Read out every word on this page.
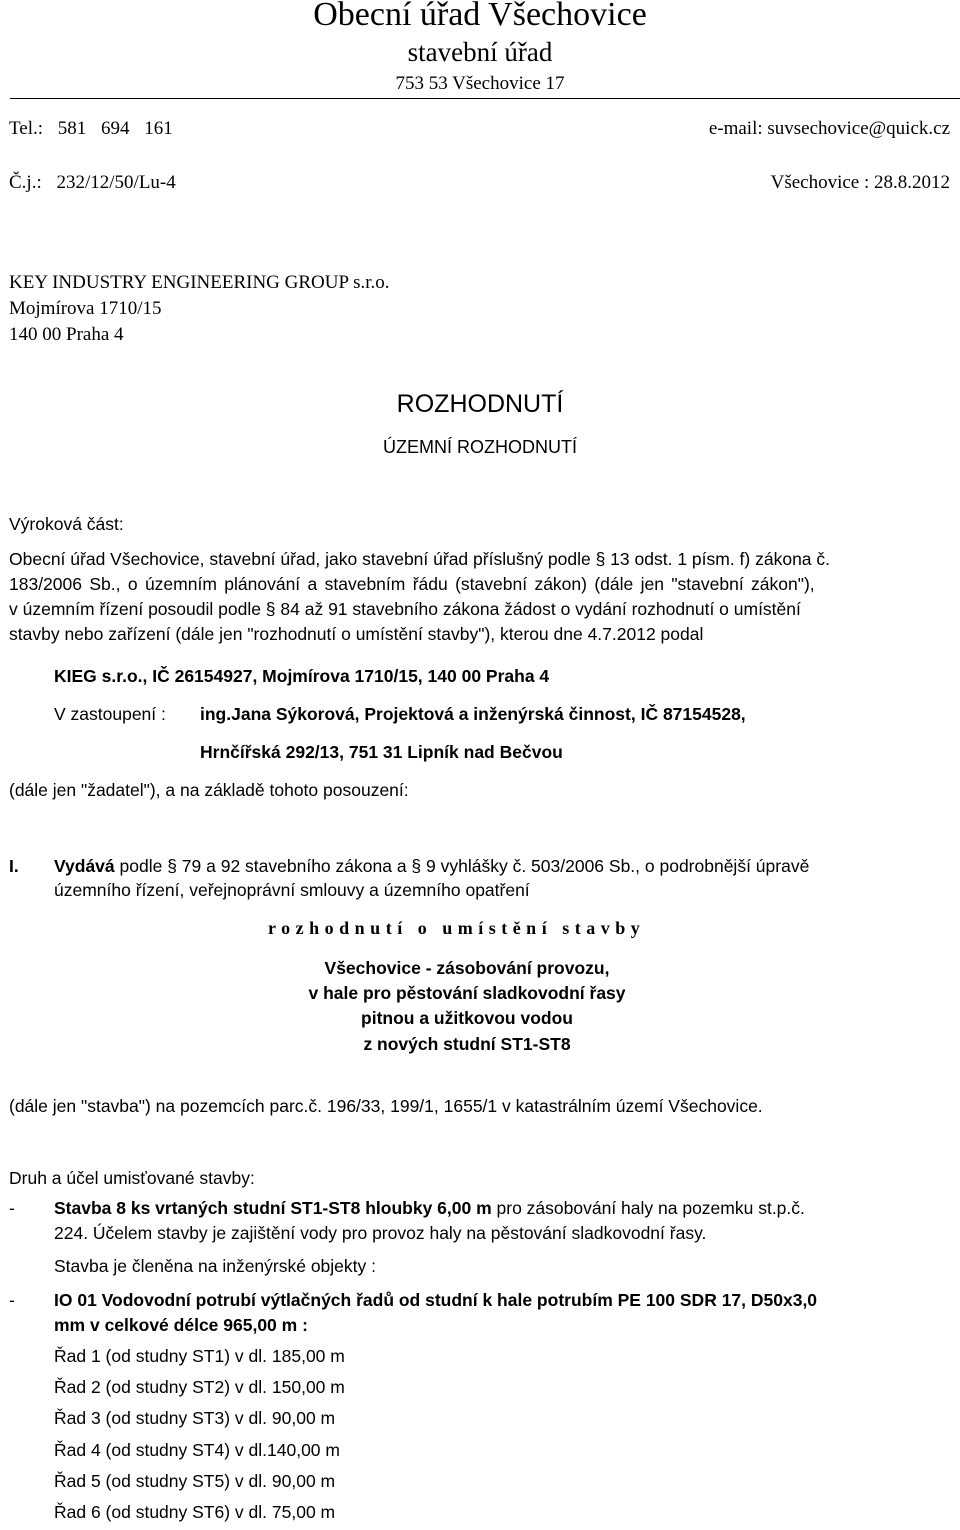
Obecní úřad Všechovice
stavební úřad
753 53 Všechovice 17
Tel.: 581 694 161	e-mail: suvsechovice@quick.cz
Č.j.: 232/12/50/Lu-4	Všechovice : 28.8.2012
KEY INDUSTRY ENGINEERING GROUP s.r.o.
Mojmírova 1710/15
140 00 Praha 4
ROZHODNUTÍ
ÚZEMNÍ ROZHODNUTÍ
Výroková část:
Obecní úřad Všechovice, stavební úřad, jako stavební úřad příslušný podle § 13 odst. 1 písm. f) zákona č.
183/2006 Sb., o územním plánování a stavebním řádu (stavební zákon) (dále jen "stavební zákon"),
v územním řízení posoudil podle § 84 až 91 stavebního zákona žádost o vydání rozhodnutí o umístění
stavby nebo zařízení (dále jen "rozhodnutí o umístění stavby"), kterou dne 4.7.2012 podal
KIEG s.r.o., IČ 26154927, Mojmírova 1710/15, 140 00 Praha 4
V zastoupení : ing.Jana Sýkorová, Projektová a inženýrská činnost, IČ 87154528,
Hrnčířská 292/13, 751 31 Lipník nad Bečvou
(dále jen "žadatel"), a na základě tohoto posouzení:
I. Vydává podle § 79 a 92 stavebního zákona a § 9 vyhlášky č. 503/2006 Sb., o podrobnější úpravě
územního řízení, veřejnoprávní smlouvy a územního opatření
rozhodnutí o umístění stavby
Všechovice - zásobování provozu,
v hale pro pěstování sladkovodní řasy
pitnou a užitkovou vodou
z nových studní ST1-ST8
(dále jen "stavba") na pozemcích parc.č. 196/33, 199/1, 1655/1 v katastrálním území Všechovice.
Druh a účel umisťované stavby:
- Stavba 8 ks vrtaných studní ST1-ST8 hloubky 6,00 m pro zásobování haly na pozemku st.p.č.
224. Účelem stavby je zajištění vody pro provoz haly na pěstování sladkovodní řasy.
Stavba je členěna na inženýrské objekty :
- IO 01 Vodovodní potrubí výtlačných řadů od studní k hale potrubím PE 100 SDR 17, D50x3,0
mm v celkové délce 965,00 m :
Řad 1 (od studny ST1) v dl. 185,00 m
Řad 2 (od studny ST2) v dl. 150,00 m
Řad 3 (od studny ST3) v dl. 90,00 m
Řad 4 (od studny ST4) v dl.140,00 m
Řad 5 (od studny ST5) v dl. 90,00 m
Řad 6 (od studny ST6) v dl. 75,00 m
